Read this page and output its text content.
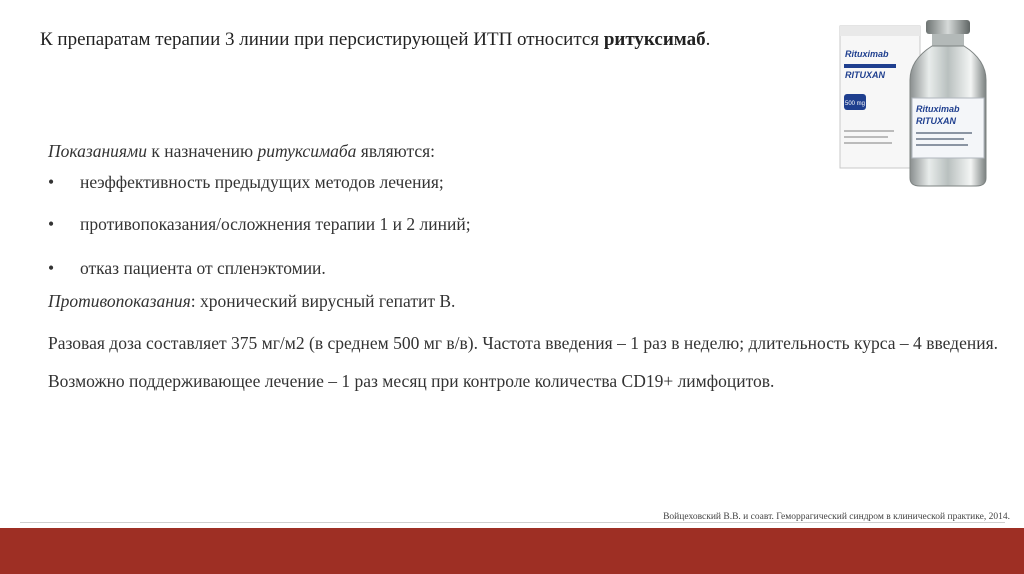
К препаратам терапии 3 линии при персистирующей ИТП относится ритуксимаб.
500 mg
Rituximab
RITUXAN
Rituximab
RITUXAN
Показаниями к назначению ритуксимаба являются:
•	неэффективность предыдущих методов лечения;
•	противопоказания/осложнения терапии 1 и 2 линий;
•	отказ пациента от спленэктомии.
Противопоказания: хронический вирусный гепатит В.
Разовая доза составляет 375 мг/м2 (в среднем 500 мг в/в). Частота введения – 1 раз в неделю; длительность курса – 4 введения. Возможно поддерживающее лечение – 1 раз месяц при контроле количества CD19+ лимфоцитов.
Войцеховский В.В. и соавт. Геморрагический синдром в клинической практике, 2014.
